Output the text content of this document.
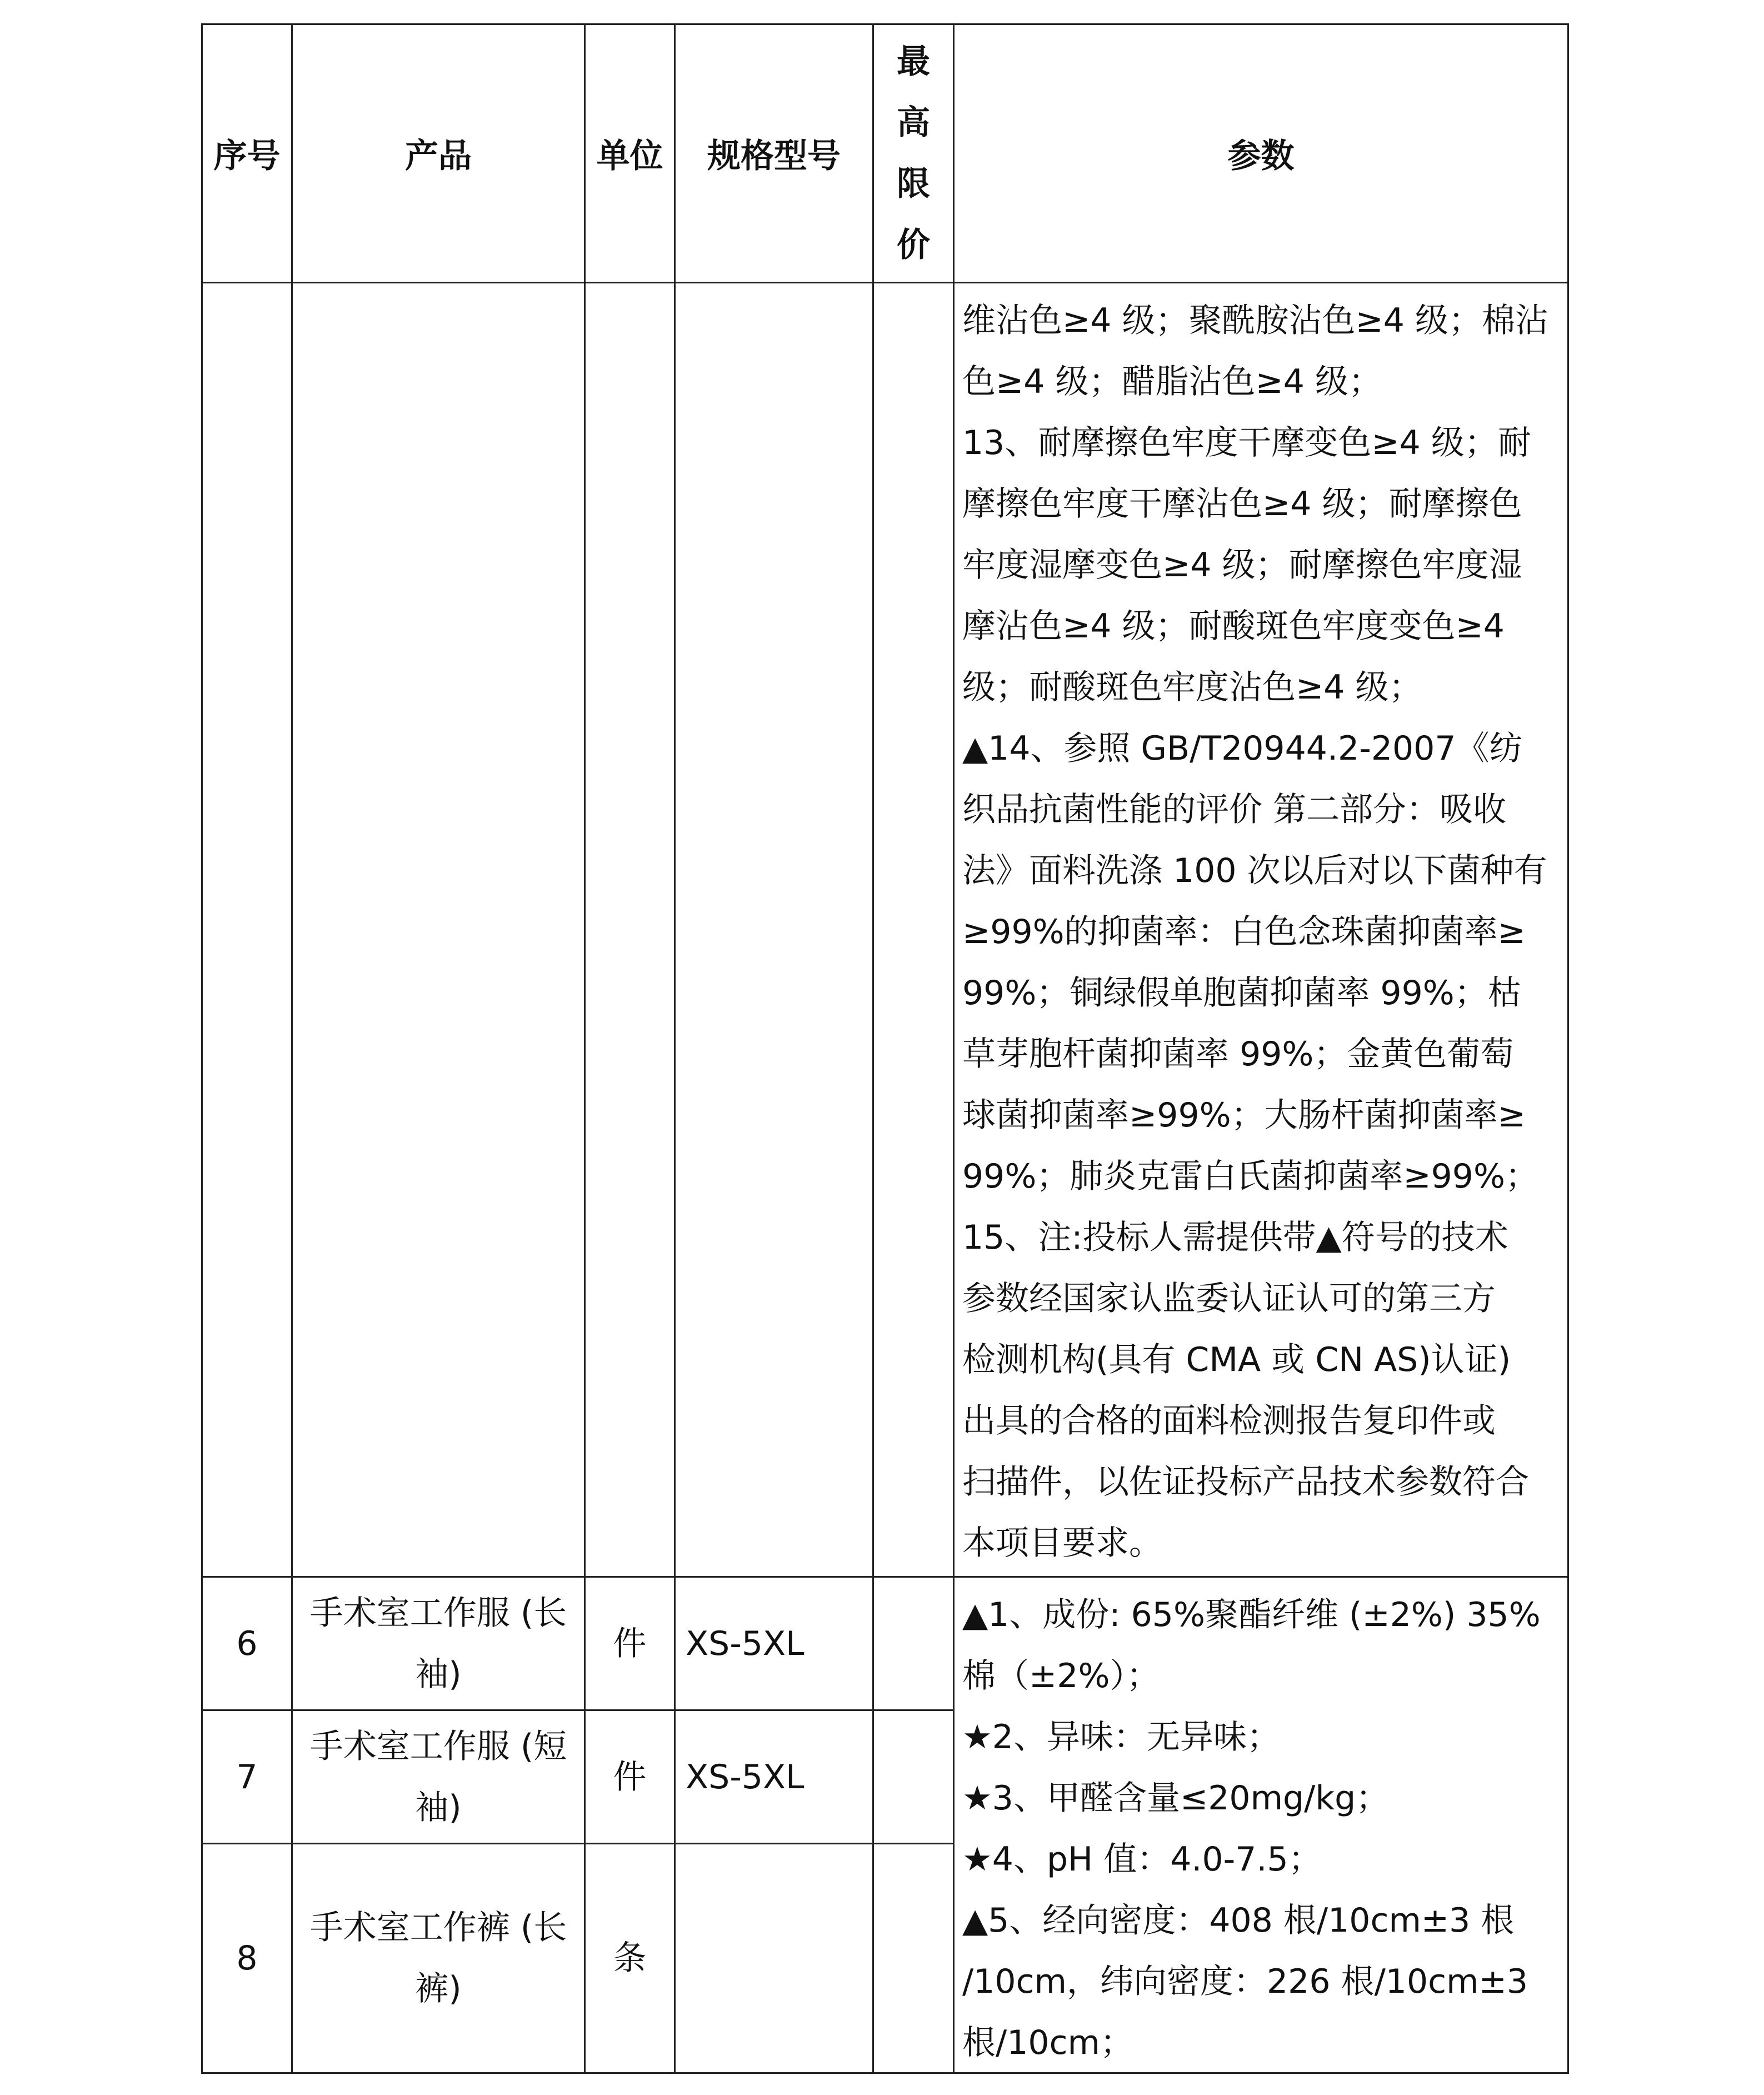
序号	产品	单位 规格型号
最
高
限
价
参数
维沾色≥4 级；聚酰胺沾色≥4 级；棉沾
色≥4 级；醋脂沾色≥4 级；
13、耐摩擦色牢度干摩变色≥4 级；耐
摩擦色牢度干摩沾色≥4 级；耐摩擦色
牢度湿摩变色≥4 级；耐摩擦色牢度湿
摩沾色≥4 级；耐酸斑色牢度变色≥4
级；耐酸斑色牢度沾色≥4 级；
▲14、参照 GB/T20944.2-2007《纺
织品抗菌性能的评价 第二部分：吸收
法》面料洗涤 100 次以后对以下菌种有
≥99%的抑菌率：白色念珠菌抑菌率≥
99%；铜绿假单胞菌抑菌率 99%；枯
草芽胞杆菌抑菌率 99%；金黄色葡萄
球菌抑菌率≥99%；大肠杆菌抑菌率≥
99%；肺炎克雷白氏菌抑菌率≥99%；
15、注:投标人需提供带▲符号的技术
参数经国家认监委认证认可的第三方
检测机构(具有 CMA 或 CN AS)认证)
出具的合格的面料检测报告复印件或
扫描件，以佐证投标产品技术参数符合
本项目要求。
6
手术室工作服 (长
袖)
件 XS-5XL
7
手术室工作服 (短
袖)
件 XS-5XL
8
手术室工作裤 (长
裤)
条
▲1、成份: 65%聚酯纤维 (±2%) 35%
棉（±2%）；
★2、异味：无异味；
★3、甲醛含量≤20mg/kg；
★4、pH 值：4.0-7.5；
▲5、经向密度：408 根/10cm±3 根
/10cm，纬向密度：226 根/10cm±3
根/10cm；
